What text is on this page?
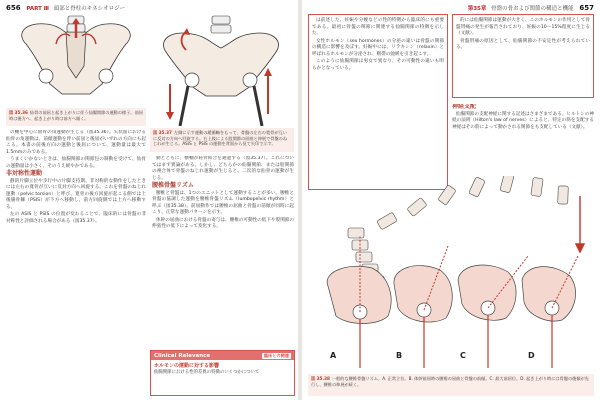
656 PART Ⅲ 頭部と脊柱のキネシオロジー
図 35.36 仙骨の前屈と起き上がりに伴う仙腸関節の運動の様子。前屈時は後方へ、起き上がり時は前方へ傾く。
図 35.37 左側に示す運動の緩衝軸をもって、骨盤の左右の寛骨が互いに反対の方向へ回旋する。右上肢による股関節の屈曲と伸展で骨盤のねじれが生じる。ASIS と PSIS の運動を背面から見て矢印で示す。

の軸を中心に仙骨の角運動が生じる（図35.36）。矢状面における仙骨の角運動は、前傾運動を伴い前屈と後屈がいずれの方向にも起こる。本書の前後方向の運動と後屈について、運動量は最大で1.5mmのみである。

うまくいかないときは、仙腸関節の関節包の制動を受けて、仙骨の運動量は小さく、そのうえ緩やかである。

非対称性運動

静的片脚立位や歩行中の片脚支持期、非対称的な動作をしたときには左右の寛骨が互いに反対方向へ回旋する。これを骨盤のねじれ運動（pelvic torsion）と呼び、寛骨の後方回旋が起こる側では上後腸骨棘（PSIS）が下方へ移動し、前方回旋側では上方へ移動する。

左の ASIS と PSIS の位置が変わることで、臨床的には骨盤の非対称性と評価される場合がある（図35.37）。

動とともに、横軸が恥骨結合を通過する（図35.37）。これについてはまず異論がある。しかし、どちらかの仙腸関節、または股関節の複合体で骨盤のねじれ運動が生じると、二次的な仙骨の運動が生じる。

腰椎骨盤リズム

腰椎と骨盤は、1つのユニットとして運動することが多い。腰椎と骨盤の協調した運動を腰椎骨盤リズム（lumbopelvic rhythm）と呼ぶ（図35.38）。前屈動作では腰椎の屈曲と骨盤の前傾が同時に起こり、正常な運動パターンを示す。

体幹の屈曲における骨盤の寄与は、腰椎の可動性の低下や股関節の伸張性の低下によって変化する。

Clinical Relevance	臨床との関連
ホルモンの運動に対する影響
仙腸関節における性的差異の特徴のいくつかについて
第35章 骨盤の骨および関節の構造と機能 657

は前述した、妊娠や分娩などの性的特徴から臨床的にも重要である。最初に骨盤の関節に関連する仙腸関節の特徴を示した。

女性ホルモン（sex hormones）の分泌の違いは骨盤の関節の構造に影響を及ぼす。妊娠中には、リラキシン（relaxin）と呼ばれるホルモンが分泌され、靭帯の弛緩を引き起こす。

このように仙腸関節は男女で異なり、その可動性の違いも明らかとなっている。

的には仙腸関節は運動が大きく、このホルモンの作用として骨盤帯痛の発生が報告されており、妊娠の10〜15%程度に生じる（文献）。

骨盤帯痛の原因として、仙腸関節の不安定性が考えられている。

神経支配

仙腸関節の支配神経に関する記述はさまざまである。ヒルトンの神経の法則（Hilton's law of nerves）によると、特定の筋を支配する神経はその筋によって動かされる関節をも支配している（文献）。

A	B	C	D
図 35.38 一般的な腰椎骨盤リズム。A. 正常立位。B. 体幹前屈時の腰椎の屈曲と骨盤の前傾。C. 最大前屈位。D. 起き上がり時には骨盤の後傾が先行し、腰椎の伸展が続く。
